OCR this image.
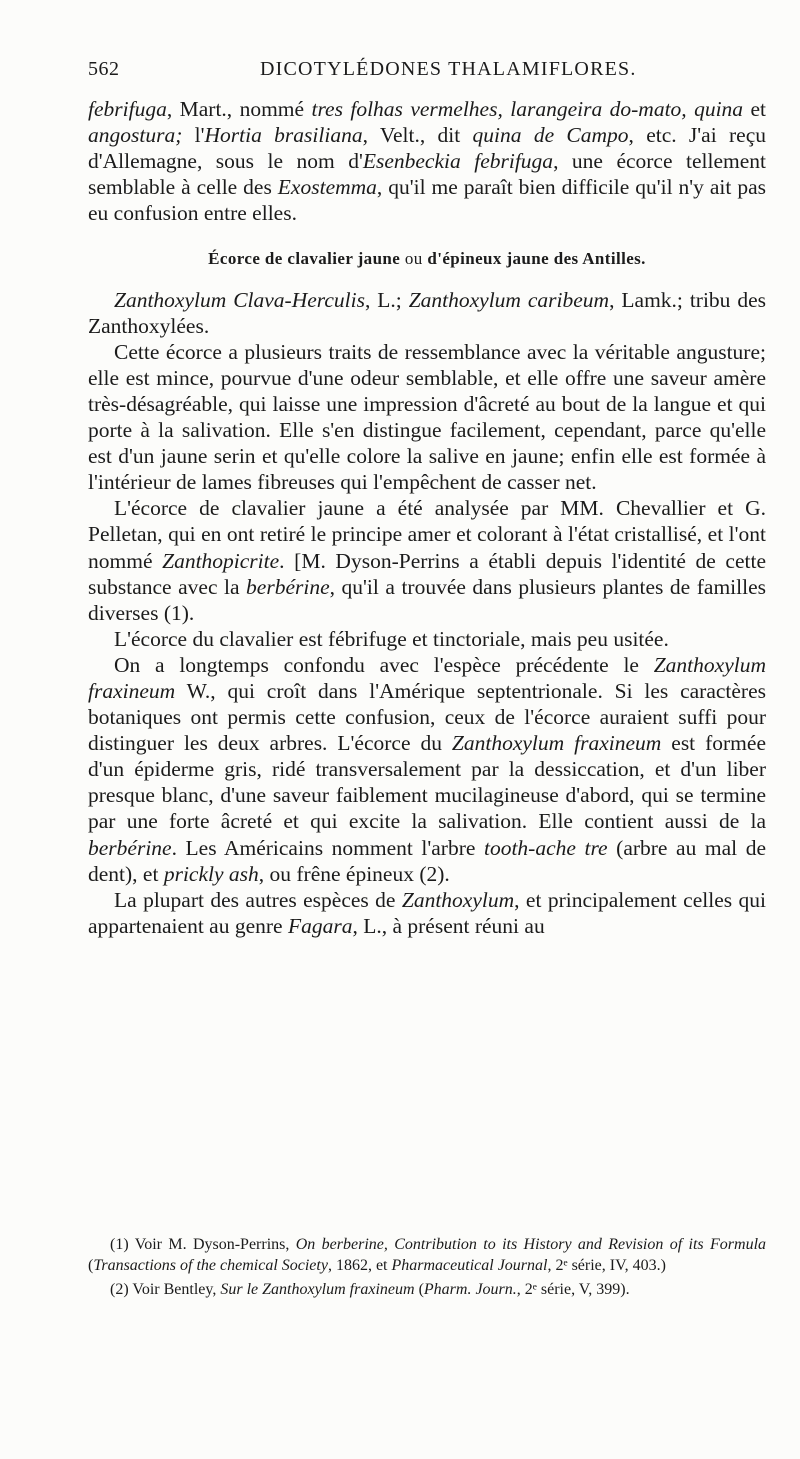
562	DICOTYLÉDONES THALAMIFLORES.

febrifuga, Mart., nommé tres folhas vermelhes, larangeira do-mato, quina et angostura; l'Hortia brasiliana, Velt., dit quina de Campo, etc. J'ai reçu d'Allemagne, sous le nom d'Esenbeckia febrifuga, une écorce tellement semblable à celle des Exostemma, qu'il me paraît bien difficile qu'il n'y ait pas eu confusion entre elles.

Écorce de clavalier jaune ou d'épineux jaune des Antilles.

Zanthoxylum Clava-Herculis, L.; Zanthoxylum caribeum, Lamk.; tribu des Zanthoxylées.

Cette écorce a plusieurs traits de ressemblance avec la véritable angusture; elle est mince, pourvue d'une odeur semblable, et elle offre une saveur amère très-désagréable, qui laisse une impression d'âcreté au bout de la langue et qui porte à la salivation. Elle s'en distingue facilement, cependant, parce qu'elle est d'un jaune serin et qu'elle colore la salive en jaune; enfin elle est formée à l'intérieur de lames fibreuses qui l'empêchent de casser net.

L'écorce de clavalier jaune a été analysée par MM. Chevallier et G. Pelletan, qui en ont retiré le principe amer et colorant à l'état cristallisé, et l'ont nommé Zanthopicrite. [M. Dyson-Perrins a établi depuis l'identité de cette substance avec la berbérine, qu'il a trouvée dans plusieurs plantes de familles diverses (1).

L'écorce du clavalier est fébrifuge et tinctoriale, mais peu usitée.

On a longtemps confondu avec l'espèce précédente le Zanthoxylum fraxineum W., qui croît dans l'Amérique septentrionale. Si les caractères botaniques ont permis cette confusion, ceux de l'écorce auraient suffi pour distinguer les deux arbres. L'écorce du Zanthoxylum fraxineum est formée d'un épiderme gris, ridé transversalement par la dessiccation, et d'un liber presque blanc, d'une saveur faiblement mucilagineuse d'abord, qui se termine par une forte âcreté et qui excite la salivation. Elle contient aussi de la berbérine. Les Américains nomment l'arbre tooth-ache tre (arbre au mal de dent), et prickly ash, ou frêne épineux (2).

La plupart des autres espèces de Zanthoxylum, et principalement celles qui appartenaient au genre Fagara, L., à présent réuni au

(1) Voir M. Dyson-Perrins, On berberine, Contribution to its History and Revision of its Formula (Transactions of the chemical Society, 1862, et Pharmaceutical Journal, 2ᵉ série, IV, 403.)

(2) Voir Bentley, Sur le Zanthoxylum fraxineum (Pharm. Journ., 2ᵉ série, V, 399).
